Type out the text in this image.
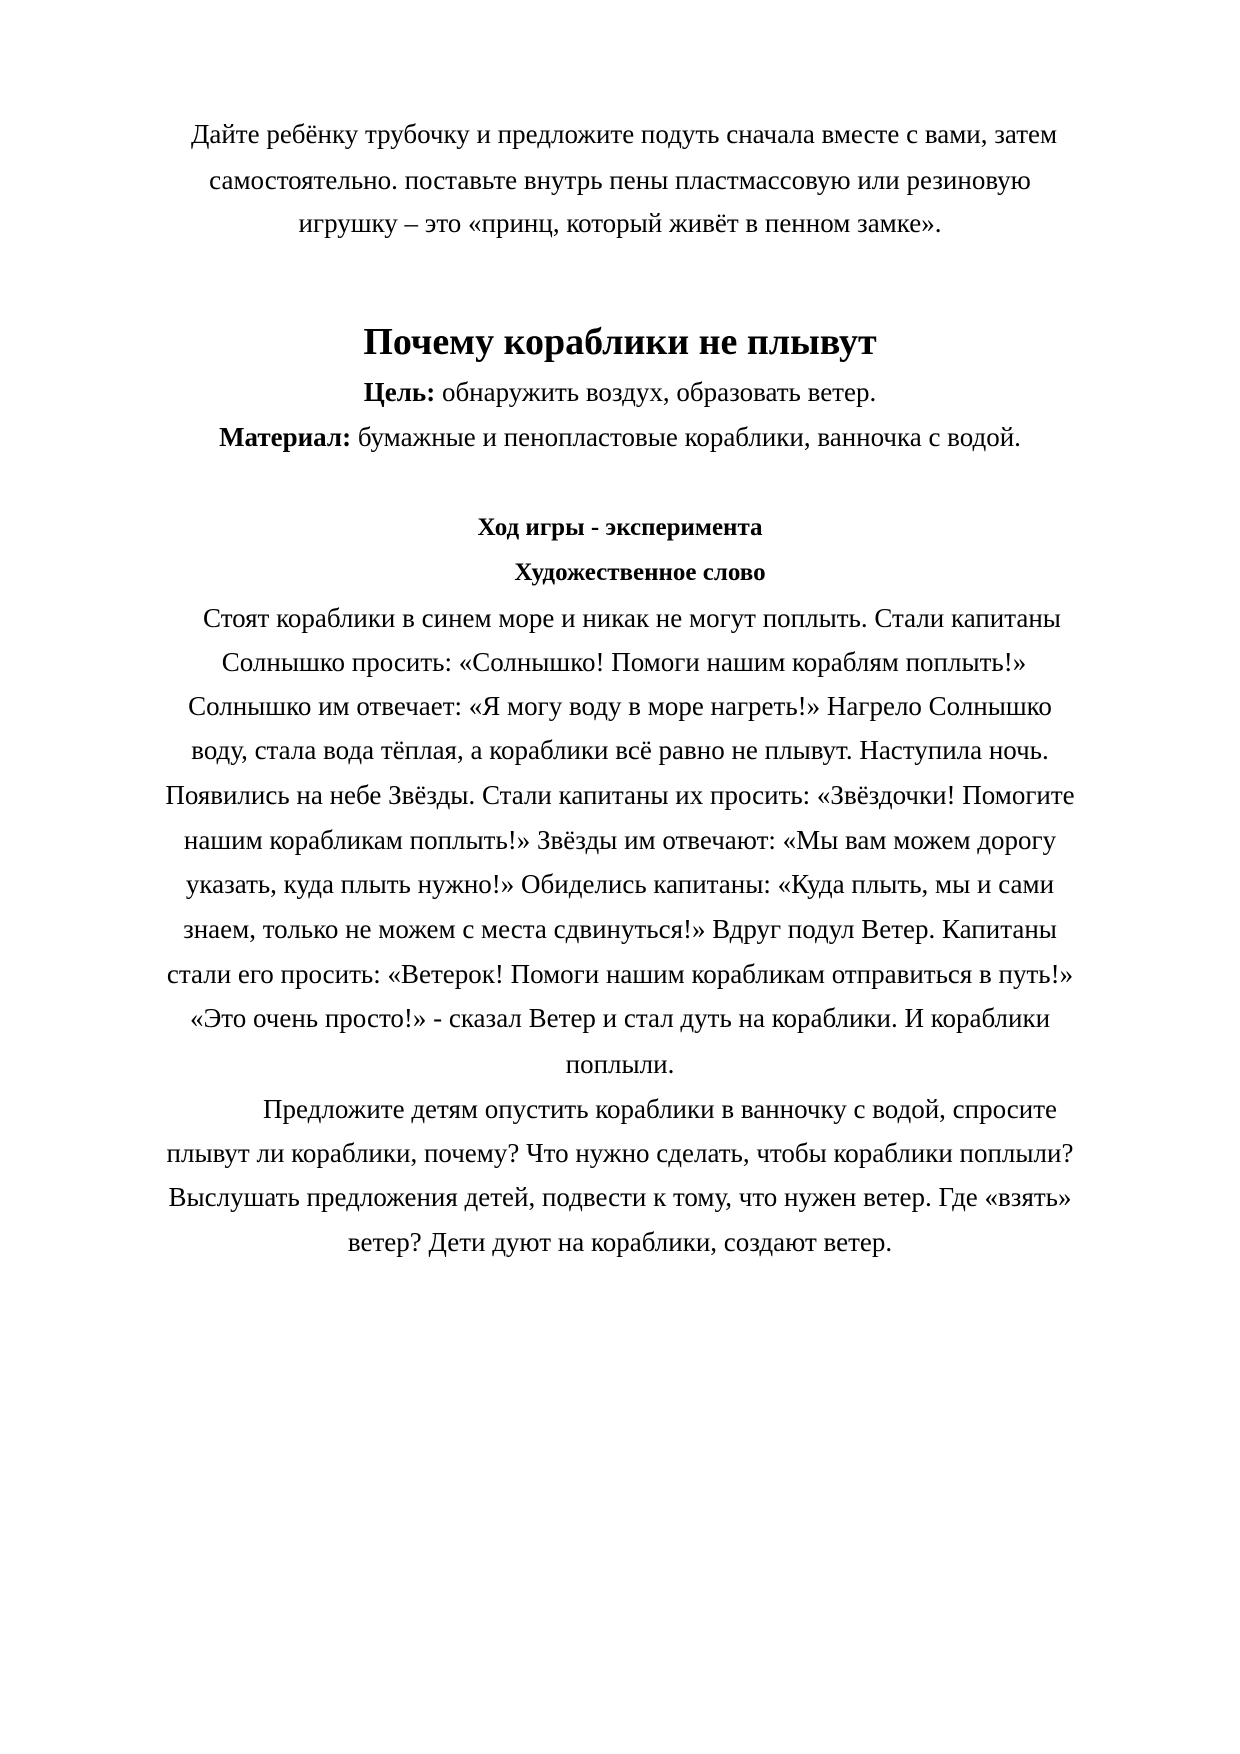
Дайте ребёнку трубочку и предложите подуть сначала вместе с вами, затем
самостоятельно. поставьте внутрь пены пластмассовую или резиновую
игрушку – это «принц, который живёт в пенном замке».
Почему кораблики не плывут
Цель: обнаружить воздух, образовать ветер.
Материал: бумажные и пенопластовые кораблики, ванночка с водой.
Ход игры - эксперимента
Художественное слово
Стоят кораблики в синем море и никак не могут поплыть. Стали капитаны
Солнышко просить: «Солнышко! Помоги нашим кораблям поплыть!»
Солнышко им отвечает: «Я могу воду в море нагреть!» Нагрело Солнышко
воду, стала вода тёплая, а кораблики всё равно не плывут. Наступила ночь.
Появились на небе Звёзды. Стали капитаны их просить: «Звёздочки! Помогите
нашим корабликам поплыть!» Звёзды им отвечают: «Мы вам можем дорогу
указать, куда плыть нужно!» Обиделись капитаны: «Куда плыть, мы и сами
знаем, только не можем с места сдвинуться!» Вдруг подул Ветер. Капитаны
стали его просить: «Ветерок! Помоги нашим корабликам отправиться в путь!»
«Это очень просто!» - сказал Ветер и стал дуть на кораблики. И кораблики
поплыли.
Предложите детям опустить кораблики в ванночку с водой, спросите
плывут ли кораблики, почему? Что нужно сделать, чтобы кораблики поплыли?
Выслушать предложения детей, подвести к тому, что нужен ветер. Где «взять»
ветер? Дети дуют на кораблики, создают ветер.
